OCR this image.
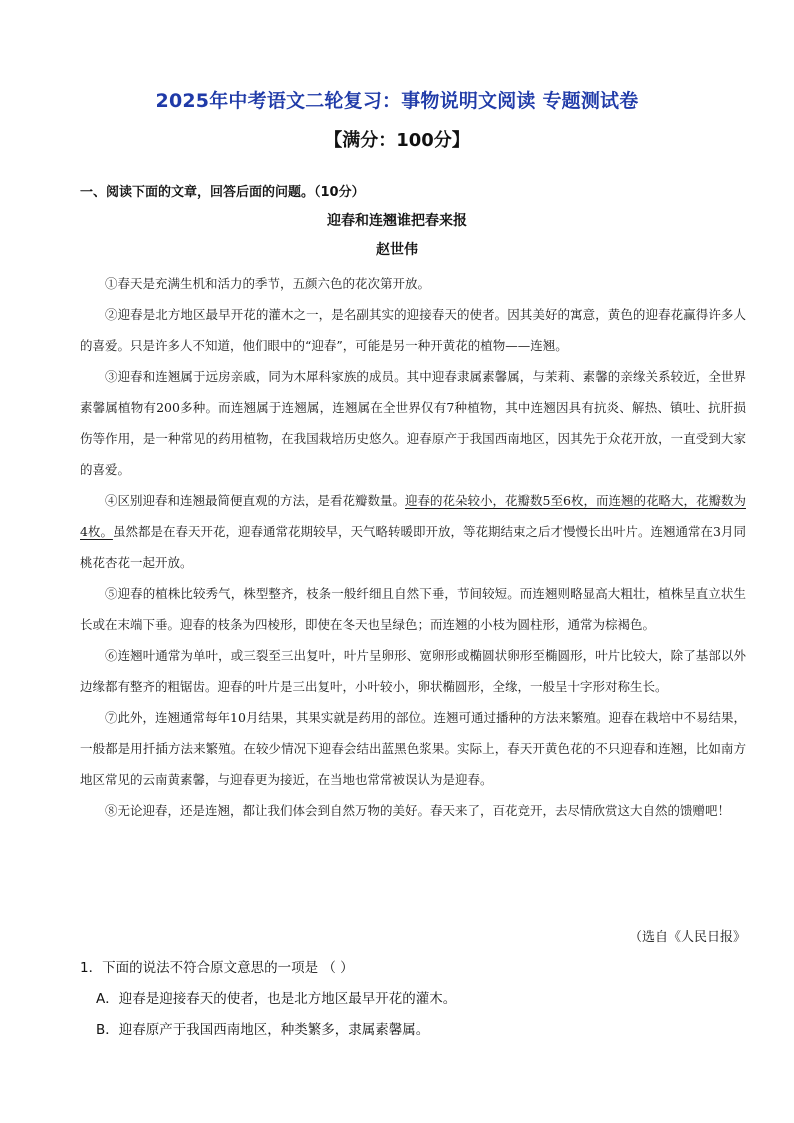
2025年中考语文二轮复习：事物说明文阅读 专题测试卷
【满分：100分】
一、阅读下面的文章，回答后面的问题。（10分）
迎春和连翘谁把春来报
赵世伟

①春天是充满生机和活力的季节，五颜六色的花次第开放。

②迎春是北方地区最早开花的灌木之一，是名副其实的迎接春天的使者。因其美好的寓意，黄色的迎春花赢得许多人的喜爱。只是许多人不知道，他们眼中的“迎春”，可能是另一种开黄花的植物——连翘。

③迎春和连翘属于远房亲戚，同为木犀科家族的成员。其中迎春隶属素馨属，与茉莉、素馨的亲缘关系较近，全世界素馨属植物有200多种。而连翘属于连翘属，连翘属在全世界仅有7种植物，其中连翘因具有抗炎、解热、镇吐、抗肝损伤等作用，是一种常见的药用植物，在我国栽培历史悠久。迎春原产于我国西南地区，因其先于众花开放，一直受到大家的喜爱。

④区别迎春和连翘最简便直观的方法，是看花瓣数量。迎春的花朵较小，花瓣数5至6枚，而连翘的花略大，花瓣数为4枚。虽然都是在春天开花，迎春通常花期较早，天气略转暖即开放，等花期结束之后才慢慢长出叶片。连翘通常在3月同桃花杏花一起开放。

⑤迎春的植株比较秀气，株型整齐，枝条一般纤细且自然下垂，节间较短。而连翘则略显高大粗壮，植株呈直立状生长或在末端下垂。迎春的枝条为四棱形，即使在冬天也呈绿色；而连翘的小枝为圆柱形，通常为棕褐色。

⑥连翘叶通常为单叶，或三裂至三出复叶，叶片呈卵形、宽卵形或椭圆状卵形至椭圆形，叶片比较大，除了基部以外边缘都有整齐的粗锯齿。迎春的叶片是三出复叶，小叶较小，卵状椭圆形，全缘，一般呈十字形对称生长。

⑦此外，连翘通常每年10月结果，其果实就是药用的部位。连翘可通过播种的方法来繁殖。迎春在栽培中不易结果，一般都是用扦插方法来繁殖。在较少情况下迎春会结出蓝黑色浆果。实际上，春天开黄色花的不只迎春和连翘，比如南方地区常见的云南黄素馨，与迎春更为接近，在当地也常常被误认为是迎春。

⑧无论迎春，还是连翘，都让我们体会到自然万物的美好。春天来了，百花竞开，去尽情欣赏这大自然的馈赠吧！

（选自《人民日报》
1．下面的说法不符合原文意思的一项是 （ ）
A．迎春是迎接春天的使者，也是北方地区最早开花的灌木。
B．迎春原产于我国西南地区，种类繁多，隶属素馨属。
